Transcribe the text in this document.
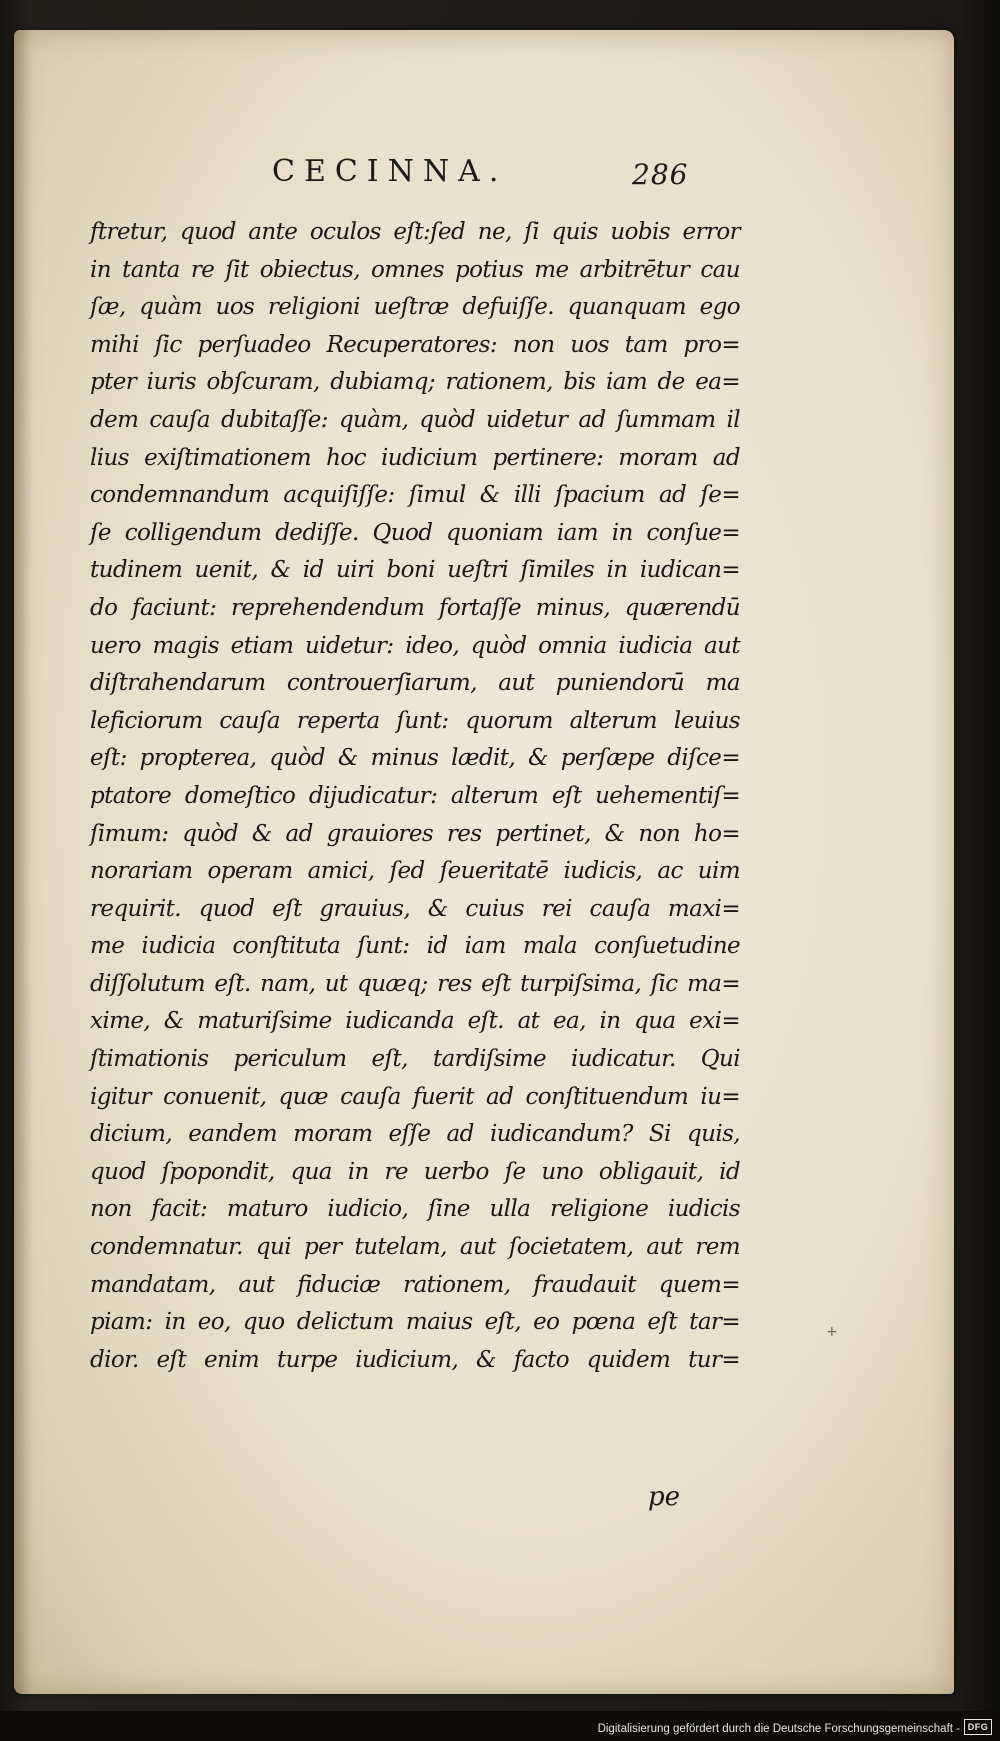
CECINNA.	286
ftretur, quod ante oculos eſt:ſed ne, ſi quis uobis error
in tanta re ſit obiectus, omnes potius me arbitrētur cau
ſæ, quàm uos religioni ueſtræ defuiſſe. quanquam ego
mihi ſic perſuadeo Recuperatores: non uos tam pro=
pter iuris obſcuram, dubiamq; rationem, bis iam de ea=
dem cauſa dubitaſſe: quàm, quòd uidetur ad ſummam il
lius exiſtimationem hoc iudicium pertinere: moram ad
condemnandum acquiſiſſe: ſimul & illi ſpacium ad ſe=
ſe colligendum dediſſe. Quod quoniam iam in conſue=
tudinem uenit, & id uiri boni ueſtri ſimiles in iudican=
do faciunt: reprehendendum fortaſſe minus, quærendū
uero magis etiam uidetur: ideo, quòd omnia iudicia aut
diſtrahendarum controuerſiarum, aut puniendorū ma
leficiorum cauſa reperta ſunt: quorum alterum leuius
eſt: propterea, quòd & minus lædit, & perſæpe diſce=
ptatore domeſtico dijudicatur: alterum eſt uehementiſ=
ſimum: quòd & ad grauiores res pertinet, & non ho=
norariam operam amici, ſed ſeueritatē iudicis, ac uim
requirit. quod eſt grauius, & cuius rei cauſa maxi=
me iudicia conſtituta ſunt: id iam mala conſuetudine
diſſolutum eſt. nam, ut quæq; res eſt turpiſsima, ſic ma=
xime, & maturiſsime iudicanda eſt. at ea, in qua exi=
ſtimationis periculum eſt, tardiſsime iudicatur. Qui
igitur conuenit, quæ cauſa fuerit ad conſtituendum iu=
dicium, eandem moram eſſe ad iudicandum? Si quis,
quod ſpopondit, qua in re uerbo ſe uno obligauit, id
non facit: maturo iudicio, ſine ulla religione iudicis
condemnatur. qui per tutelam, aut ſocietatem, aut rem
mandatam, aut fiduciæ rationem, fraudauit quem=
piam: in eo, quo delictum maius eſt, eo pœna eſt tar=
dior. eſt enim turpe iudicium, & facto quidem tur=
pe
+
Digitalisierung gefördert durch die Deutsche Forschungsgemeinschaft - DFG
